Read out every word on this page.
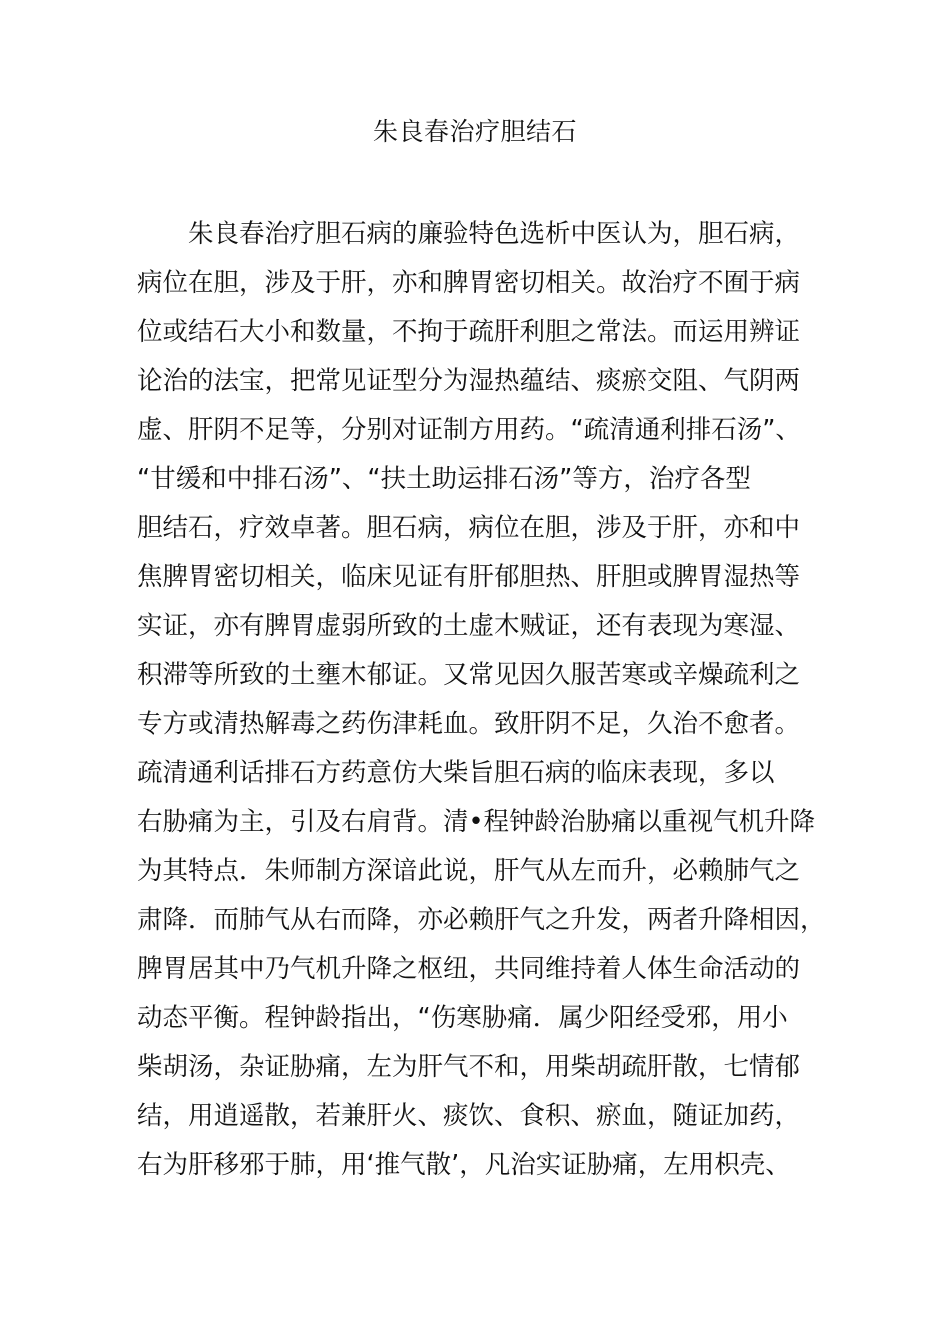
朱良春治疗胆结石
　　朱良春治疗胆石病的廉验特色选析中医认为，胆石病，
病位在胆，涉及于肝，亦和脾胃密切相关。故治疗不囿于病
位或结石大小和数量，不拘于疏肝利胆之常法。而运用辨证
论治的法宝，把常见证型分为湿热蕴结、痰瘀交阻、气阴两
虚、肝阴不足等，分别对证制方用药。“疏清通利排石汤”、
“甘缓和中排石汤”、“扶土助运排石汤”等方，治疗各型
胆结石，疗效卓著。胆石病，病位在胆，涉及于肝，亦和中
焦脾胃密切相关，临床见证有肝郁胆热、肝胆或脾胃湿热等
实证，亦有脾胃虚弱所致的土虚木贼证，还有表现为寒湿、
积滞等所致的土壅木郁证。又常见因久服苦寒或辛燥疏利之
专方或清热解毒之药伤津耗血。致肝阴不足，久治不愈者。
疏清通利话排石方药意仿大柴旨胆石病的临床表现，多以
右胁痛为主，引及右肩背。清•程钟龄治胁痛以重视气机升降
为其特点．朱师制方深谙此说，肝气从左而升，必赖肺气之
肃降．而肺气从右而降，亦必赖肝气之升发，两者升降相因，
脾胃居其中乃气机升降之枢纽，共同维持着人体生命活动的
动态平衡。程钟龄指出，“伤寒胁痛．属少阳经受邪，用小
柴胡汤，杂证胁痛，左为肝气不和，用柴胡疏肝散，七情郁
结，用逍遥散，若兼肝火、痰饮、食积、瘀血，随证加药，
右为肝移邪于肺，用‘推气散’，凡治实证胁痛，左用枳壳、
